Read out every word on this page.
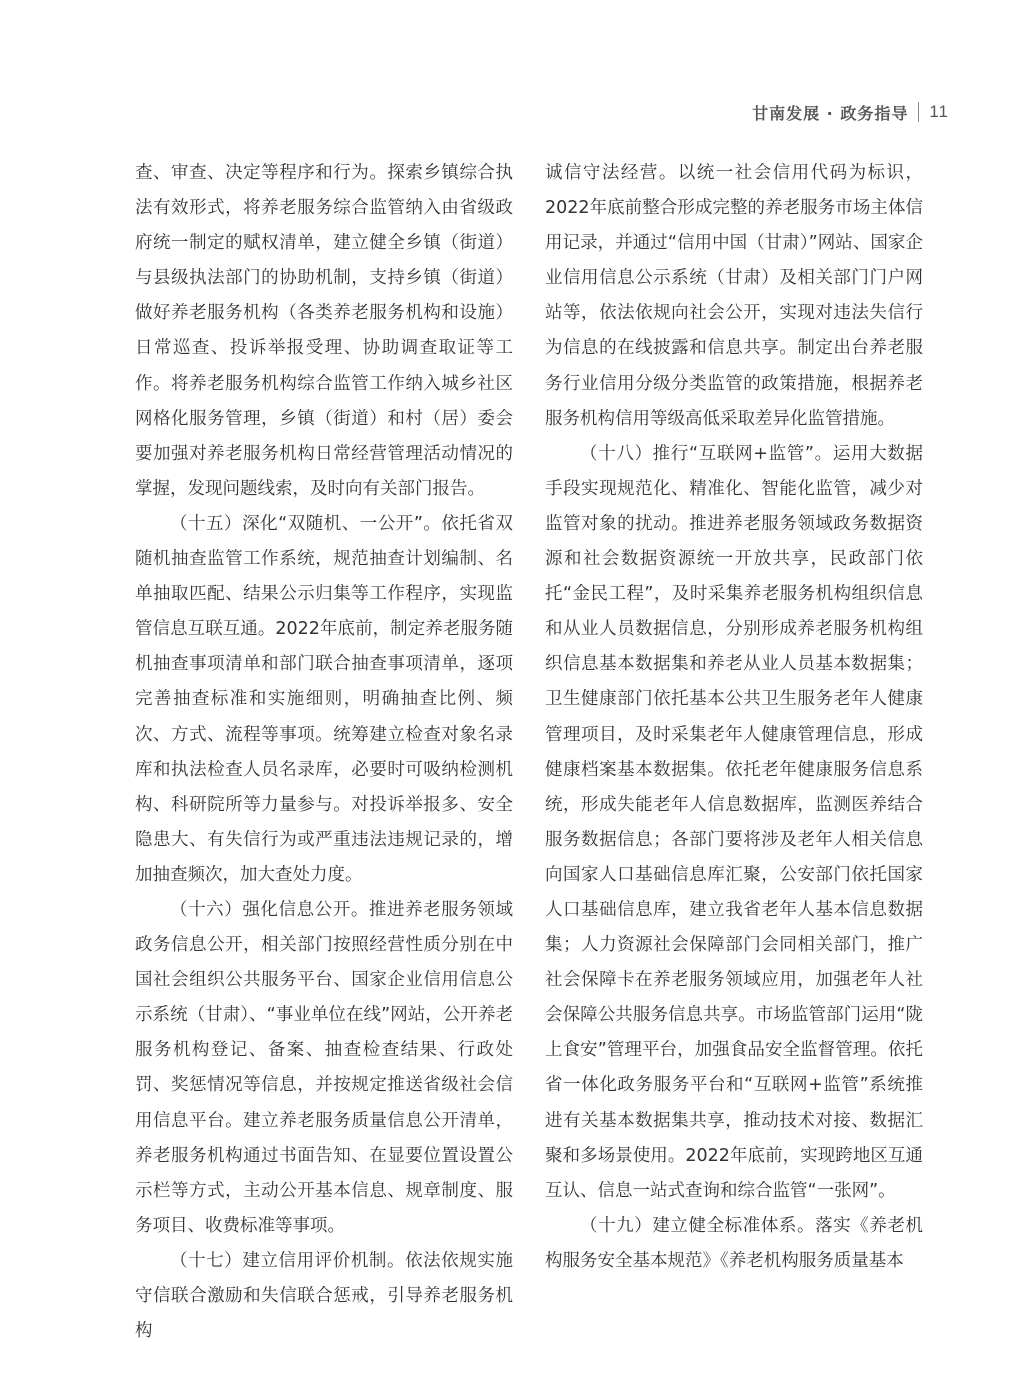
甘南发展 · 政务指导 11

查、审查、决定等程序和行为。探索乡镇综合执法有效形式，将养老服务综合监管纳入由省级政府统一制定的赋权清单，建立健全乡镇（街道）与县级执法部门的协助机制，支持乡镇（街道）做好养老服务机构（各类养老服务机构和设施）日常巡查、投诉举报受理、协助调查取证等工作。将养老服务机构综合监管工作纳入城乡社区网格化服务管理，乡镇（街道）和村（居）委会要加强对养老服务机构日常经营管理活动情况的掌握，发现问题线索，及时向有关部门报告。

（十五）深化“双随机、一公开”。依托省双随机抽查监管工作系统，规范抽查计划编制、名单抽取匹配、结果公示归集等工作程序，实现监管信息互联互通。2022年底前，制定养老服务随机抽查事项清单和部门联合抽查事项清单，逐项完善抽查标准和实施细则，明确抽查比例、频次、方式、流程等事项。统筹建立检查对象名录库和执法检查人员名录库，必要时可吸纳检测机构、科研院所等力量参与。对投诉举报多、安全隐患大、有失信行为或严重违法违规记录的，增加抽查频次，加大查处力度。

（十六）强化信息公开。推进养老服务领域政务信息公开，相关部门按照经营性质分别在中国社会组织公共服务平台、国家企业信用信息公示系统（甘肃）、“事业单位在线”网站，公开养老服务机构登记、备案、抽查检查结果、行政处罚、奖惩情况等信息，并按规定推送省级社会信用信息平台。建立养老服务质量信息公开清单，养老服务机构通过书面告知、在显要位置设置公示栏等方式，主动公开基本信息、规章制度、服务项目、收费标准等事项。

（十七）建立信用评价机制。依法依规实施守信联合激励和失信联合惩戒，引导养老服务机构

诚信守法经营。以统一社会信用代码为标识，2022年底前整合形成完整的养老服务市场主体信用记录，并通过“信用中国（甘肃）”网站、国家企业信用信息公示系统（甘肃）及相关部门门户网站等，依法依规向社会公开，实现对违法失信行为信息的在线披露和信息共享。制定出台养老服务行业信用分级分类监管的政策措施，根据养老服务机构信用等级高低采取差异化监管措施。

（十八）推行“互联网+监管”。运用大数据手段实现规范化、精准化、智能化监管，减少对监管对象的扰动。推进养老服务领域政务数据资源和社会数据资源统一开放共享，民政部门依托“金民工程”，及时采集养老服务机构组织信息和从业人员数据信息，分别形成养老服务机构组织信息基本数据集和养老从业人员基本数据集；卫生健康部门依托基本公共卫生服务老年人健康管理项目，及时采集老年人健康管理信息，形成健康档案基本数据集。依托老年健康服务信息系统，形成失能老年人信息数据库，监测医养结合服务数据信息；各部门要将涉及老年人相关信息向国家人口基础信息库汇聚，公安部门依托国家人口基础信息库，建立我省老年人基本信息数据集；人力资源社会保障部门会同相关部门，推广社会保障卡在养老服务领域应用，加强老年人社会保障公共服务信息共享。市场监管部门运用“陇上食安”管理平台，加强食品安全监督管理。依托省一体化政务服务平台和“互联网+监管”系统推进有关基本数据集共享，推动技术对接、数据汇聚和多场景使用。2022年底前，实现跨地区互通互认、信息一站式查询和综合监管“一张网”。

（十九）建立健全标准体系。落实《养老机构服务安全基本规范》《养老机构服务质量基本
